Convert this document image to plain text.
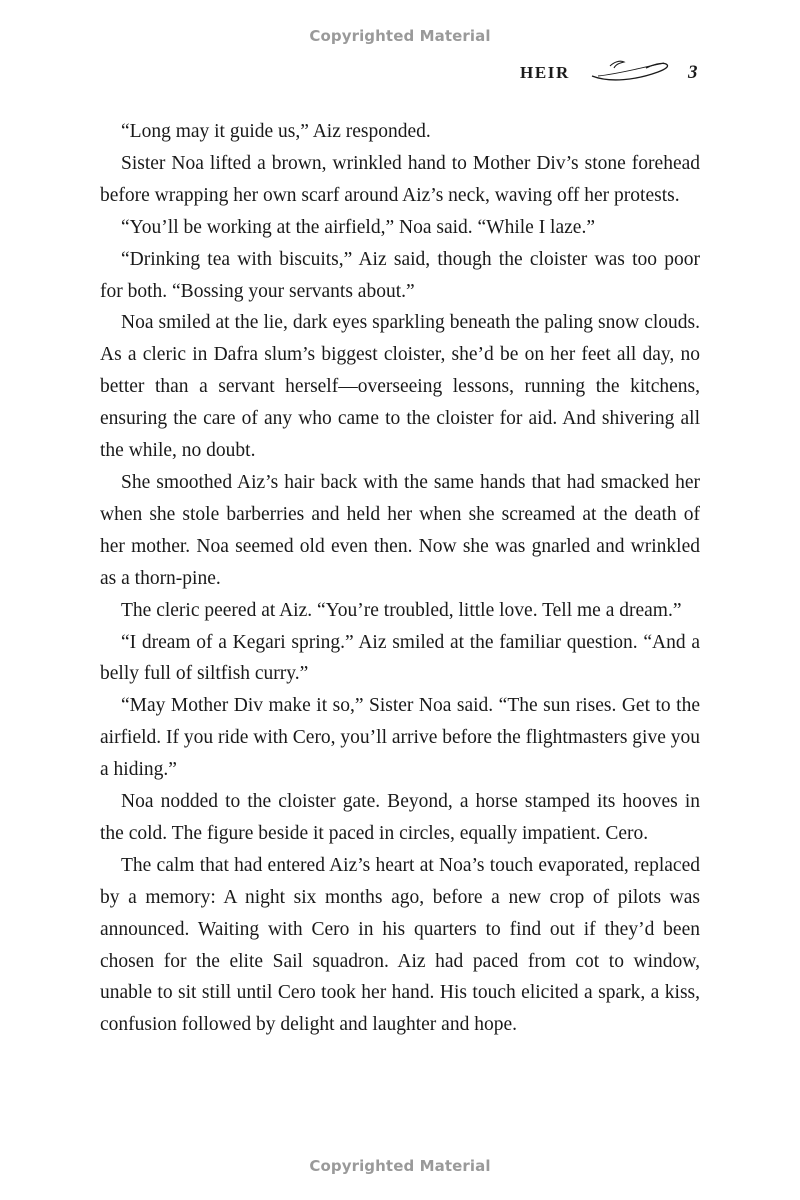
Copyrighted Material
HEIR	3

“Long may it guide us,” Aiz responded.

Sister Noa lifted a brown, wrinkled hand to Mother Div’s stone forehead before wrapping her own scarf around Aiz’s neck, waving off her protests.

“You’ll be working at the airfield,” Noa said. “While I laze.”

“Drinking tea with biscuits,” Aiz said, though the cloister was too poor for both. “Bossing your servants about.”

Noa smiled at the lie, dark eyes sparkling beneath the paling snow clouds. As a cleric in Dafra slum’s biggest cloister, she’d be on her feet all day, no better than a servant herself—overseeing lessons, running the kitchens, ensuring the care of any who came to the cloister for aid. And shivering all the while, no doubt.

She smoothed Aiz’s hair back with the same hands that had smacked her when she stole barberries and held her when she screamed at the death of her mother. Noa seemed old even then. Now she was gnarled and wrinkled as a thorn-pine.

The cleric peered at Aiz. “You’re troubled, little love. Tell me a dream.”

“I dream of a Kegari spring.” Aiz smiled at the familiar question. “And a belly full of siltfish curry.”

“May Mother Div make it so,” Sister Noa said. “The sun rises. Get to the airfield. If you ride with Cero, you’ll arrive before the flightmasters give you a hiding.”

Noa nodded to the cloister gate. Beyond, a horse stamped its hooves in the cold. The figure beside it paced in circles, equally impatient. Cero.

The calm that had entered Aiz’s heart at Noa’s touch evaporated, replaced by a memory: A night six months ago, before a new crop of pilots was announced. Waiting with Cero in his quarters to find out if they’d been chosen for the elite Sail squadron. Aiz had paced from cot to window, unable to sit still until Cero took her hand. His touch elicited a spark, a kiss, confusion followed by delight and laughter and hope.

Copyrighted Material
